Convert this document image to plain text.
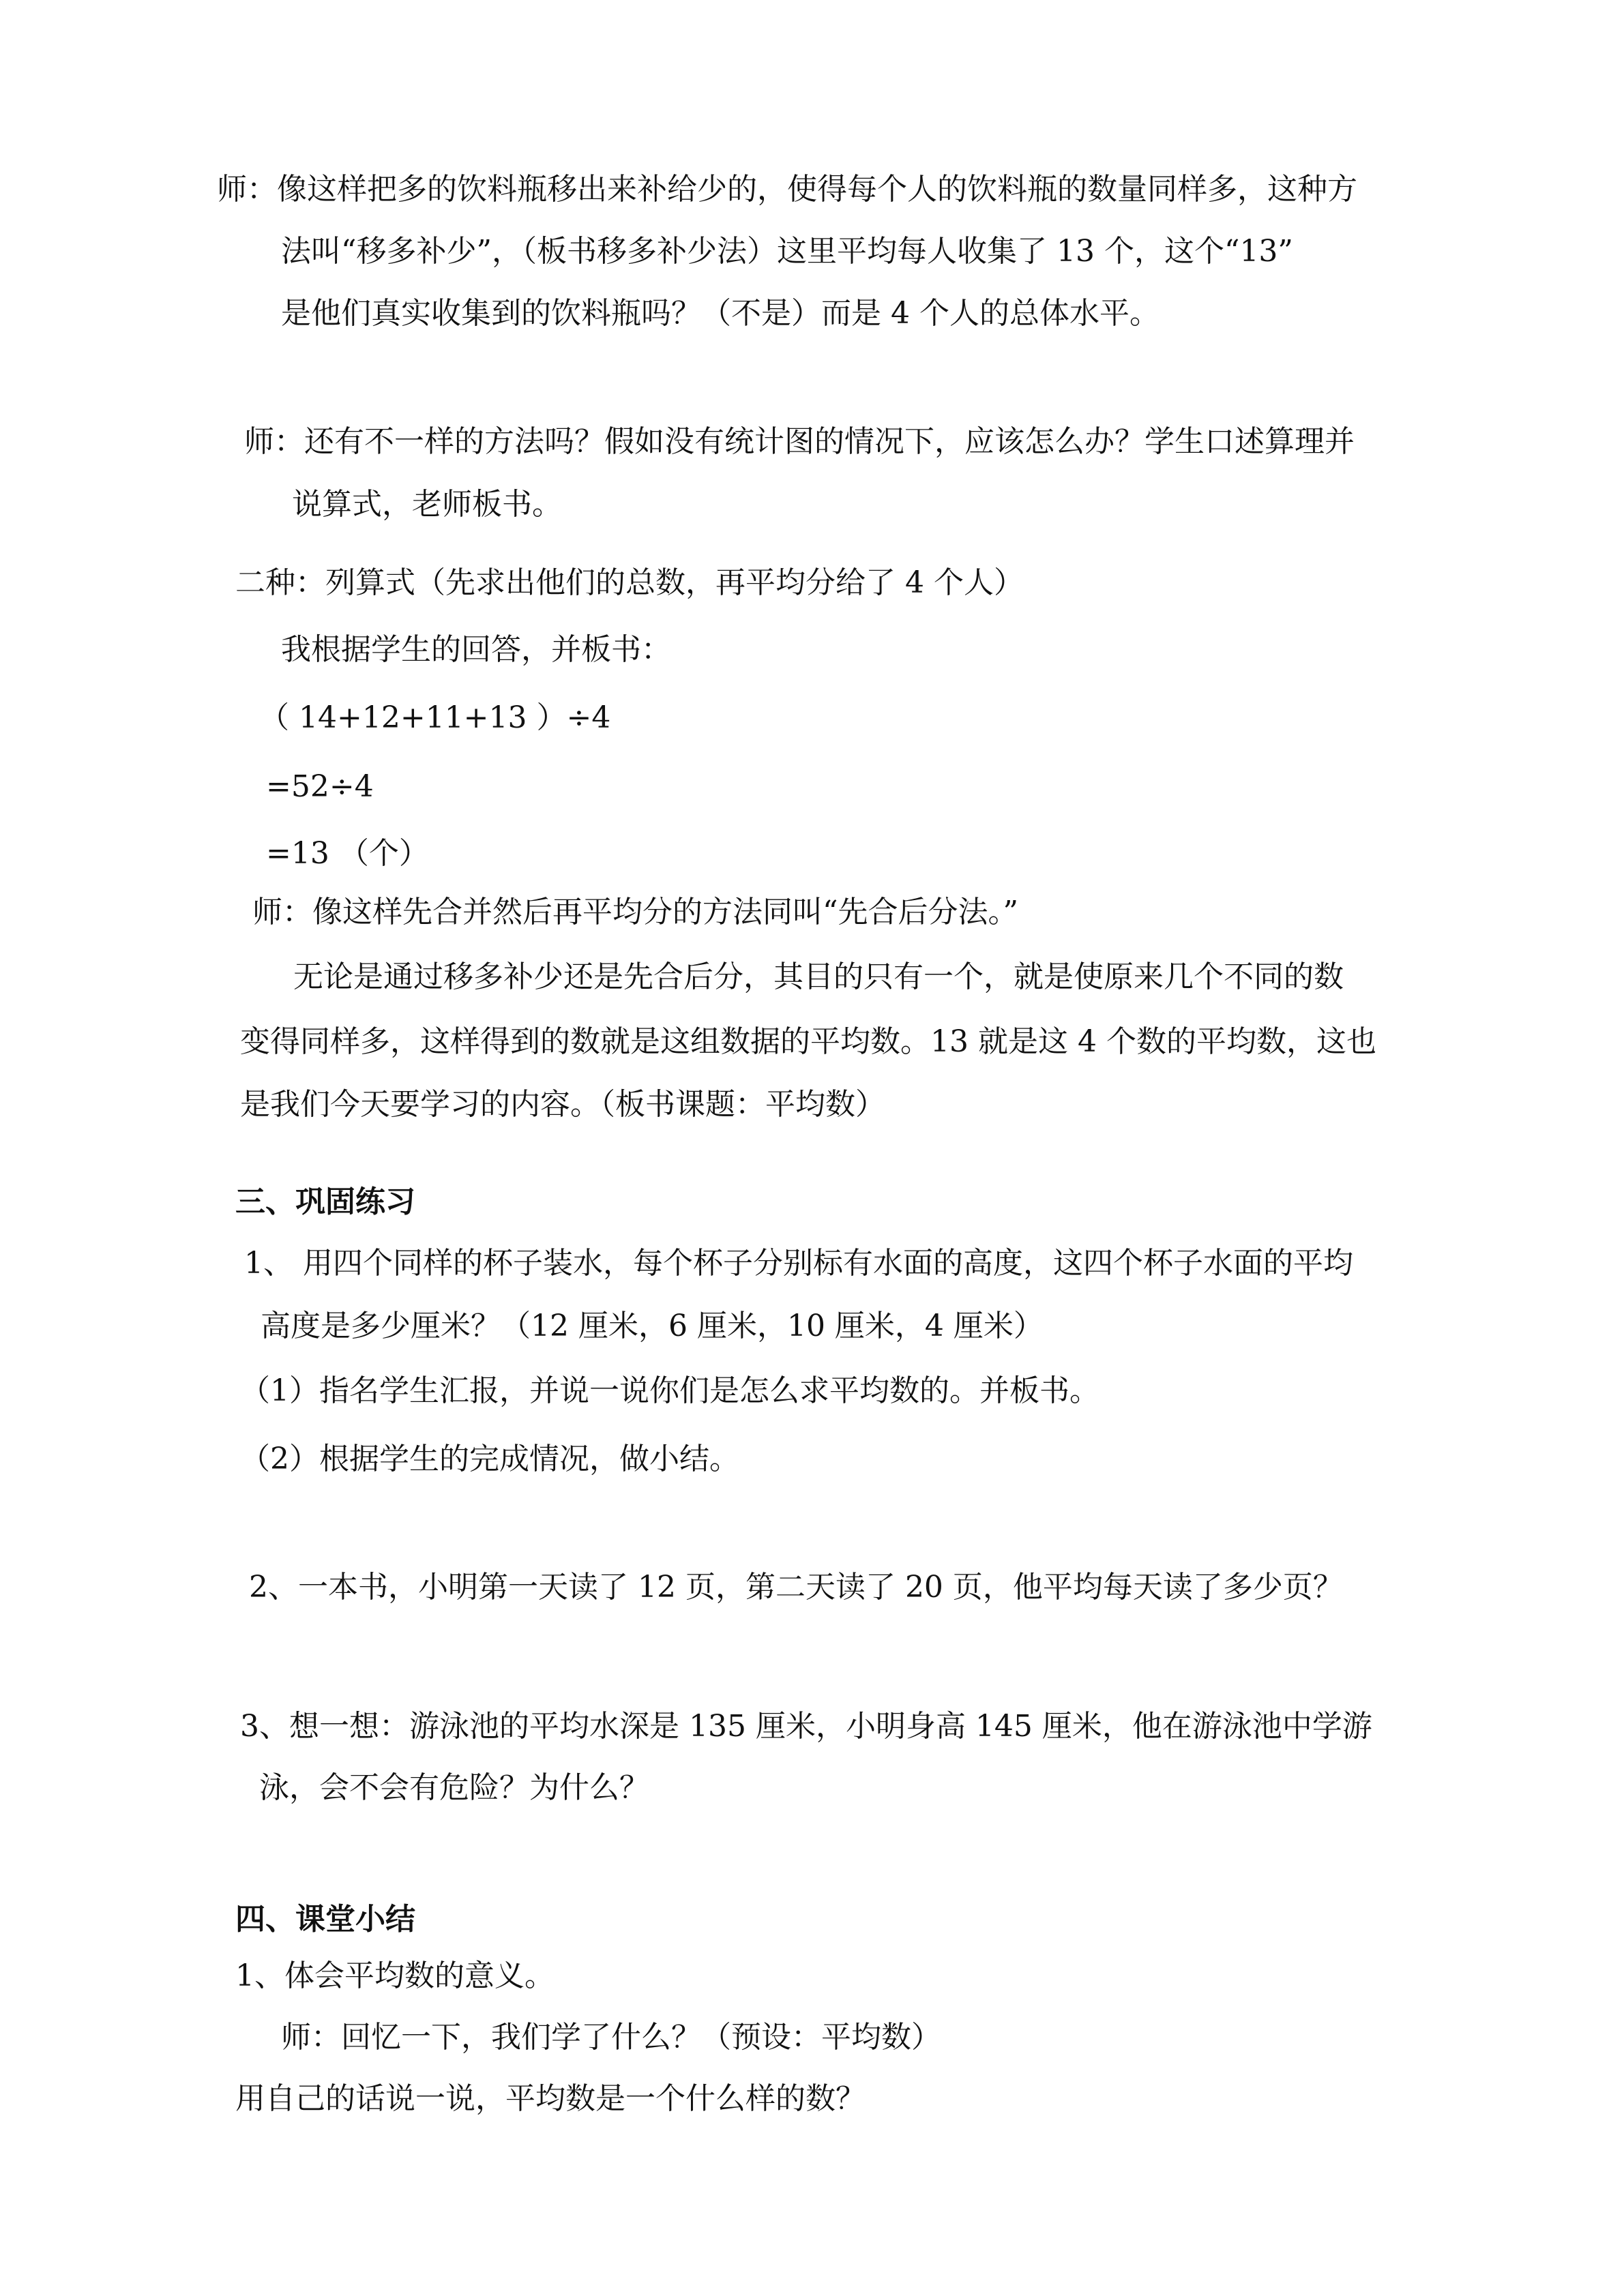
师：像这样把多的饮料瓶移出来补给少的，使得每个人的饮料瓶的数量同样多，这种方

法叫“移多补少”，（板书移多补少法）这里平均每人收集了 13 个，这个“13”

是他们真实收集到的饮料瓶吗？（不是）而是 4 个人的总体水平。

师：还有不一样的方法吗？假如没有统计图的情况下，应该怎么办？学生口述算理并

说算式，老师板书。

二种：列算式（先求出他们的总数，再平均分给了 4 个人）

我根据学生的回答，并板书：

（ 14+12+11+13 ）÷4

=52÷4

=13 （个）

师：像这样先合并然后再平均分的方法同叫“先合后分法。”

无论是通过移多补少还是先合后分，其目的只有一个，就是使原来几个不同的数

变得同样多，这样得到的数就是这组数据的平均数。13 就是这 4 个数的平均数，这也

是我们今天要学习的内容。（板书课题：平均数）

三、巩固练习

1、 用四个同样的杯子装水，每个杯子分别标有水面的高度，这四个杯子水面的平均

高度是多少厘米？（12 厘米，6 厘米，10 厘米，4 厘米）

（1）指名学生汇报，并说一说你们是怎么求平均数的。并板书。

（2）根据学生的完成情况，做小结。

2、一本书，小明第一天读了 12 页，第二天读了 20 页，他平均每天读了多少页？

3、想一想：游泳池的平均水深是 135 厘米，小明身高 145 厘米，他在游泳池中学游

泳，会不会有危险？为什么？

四、课堂小结

1、体会平均数的意义。

师：回忆一下，我们学了什么？（预设：平均数）

用自己的话说一说，平均数是一个什么样的数？
